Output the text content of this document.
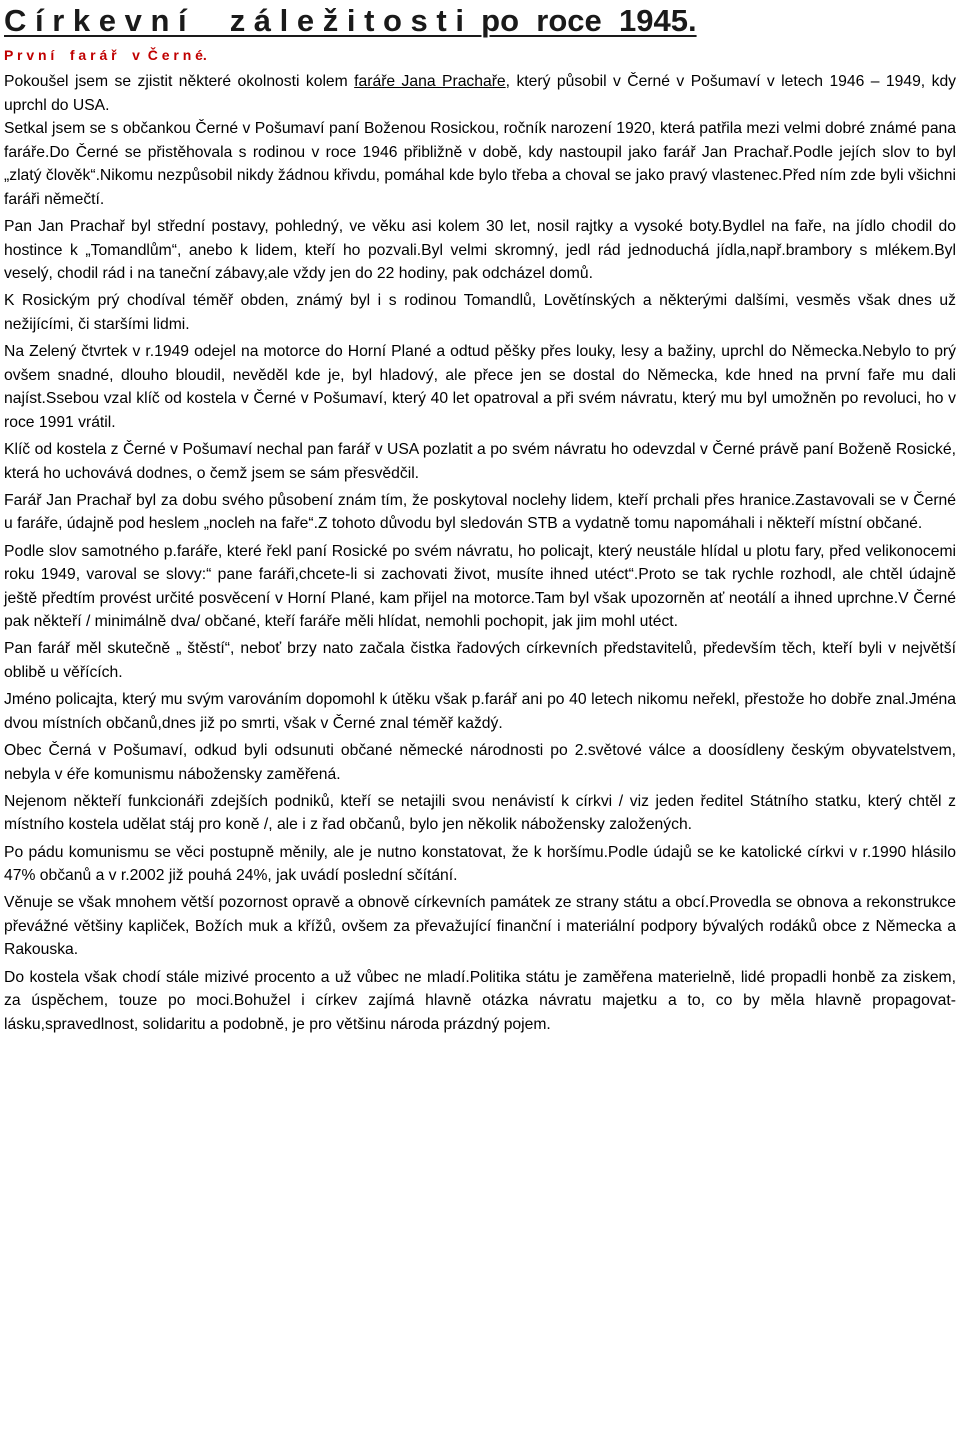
C í r k e v n í     z á l e ž i t o s t i  po  roce  1945.
P r v n í    f a r á ř    v  Č e r n é.

Pokoušel jsem se zjistit některé okolnosti kolem faráře Jana Prachaře, který působil v Černé v Pošumaví v letech 1946 – 1949, kdy uprchl do USA.

Setkal jsem se s občankou Černé v Pošumaví paní Boženou Rosickou, ročník narození 1920, která patřila mezi velmi dobré známé pana faráře.Do Černé se přistěhovala s rodinou v roce 1946 přibližně v době, kdy nastoupil jako farář Jan Prachař.Podle jejích slov to byl „zlatý člověk“.Nikomu nezpůsobil nikdy žádnou křivdu, pomáhal kde bylo třeba a choval se jako pravý vlastenec.Před ním zde byli všichni faráři němečtí.

Pan Jan Prachař byl střední postavy, pohledný, ve věku asi kolem 30 let, nosil rajtky a vysoké boty.Bydlel na faře, na jídlo chodil do hostince k „Tomandlům“, anebo k lidem, kteří ho pozvali.Byl velmi skromný, jedl rád jednoduchá jídla,např.brambory s mlékem.Byl veselý, chodil rád i na taneční zábavy,ale vždy jen do 22 hodiny, pak odcházel domů.

K Rosickým prý chodíval téměř obden, známý byl i s rodinou Tomandlů, Lovětínských a některými dalšími, vesměs však dnes už nežijícími, či staršími lidmi.

Na Zelený čtvrtek v r.1949 odejel na motorce do Horní Plané a odtud pěšky přes louky, lesy a bažiny, uprchl do Německa.Nebylo to prý ovšem snadné, dlouho bloudil, nevěděl kde je, byl hladový, ale přece jen se dostal do Německa, kde hned na první faře mu dali najíst.Ssebou vzal klíč od kostela v Černé v Pošumaví, který 40 let opatroval a při svém návratu, který mu byl umožněn po revoluci, ho v roce 1991 vrátil.

Klíč od kostela z Černé v Pošumaví nechal pan farář v USA pozlatit a po svém návratu ho odevzdal v Černé právě paní Boženě Rosické, která ho uchovává dodnes, o čemž jsem se sám přesvědčil.

Farář Jan Prachař byl za dobu svého působení znám tím, že poskytoval noclehy lidem, kteří prchali přes hranice.Zastavovali se v Černé u faráře, údajně pod heslem „nocleh na faře“.Z tohoto důvodu byl sledován STB a vydatně tomu napomáhali i někteří místní občané.

Podle slov samotného p.faráře, které řekl paní Rosické po svém návratu, ho policajt, který neustále hlídal u plotu fary, před velikonocemi roku 1949, varoval se slovy:“ pane faráři,chcete-li si zachovati život, musíte ihned utéct“.Proto se tak rychle rozhodl, ale chtěl údajně ještě předtím provést určité posvěcení v Horní Plané, kam přijel na motorce.Tam byl však upozorněn ať neotálí a ihned uprchne.V Černé pak někteří / minimálně dva/ občané, kteří faráře měli hlídat, nemohli pochopit, jak jim mohl utéct.

Pan farář měl skutečně „ štěstí“, neboť brzy nato začala čistka řadových církevních představitelů, především těch, kteří byli v největší oblibě u věřících.

Jméno policajta, který mu svým varováním dopomohl k útěku však p.farář ani po 40 letech nikomu neřekl, přestože ho dobře znal.Jména dvou místních občanů,dnes již po smrti, však v Černé znal téměř každý.

Obec Černá v Pošumaví, odkud byli odsunuti občané německé národnosti po 2.světové válce a doosídleny českým obyvatelstvem, nebyla v éře komunismu nábožensky zaměřená.

Nejenom někteří funkcionáři zdejších podniků, kteří se netajili svou nenávistí k církvi / viz jeden ředitel Státního statku, který chtěl z místního kostela udělat stáj pro koně /, ale i z řad občanů, bylo jen několik nábožensky založených.

Po pádu komunismu se věci postupně měnily, ale je nutno konstatovat, že k horšímu.Podle údajů se ke katolické církvi v r.1990 hlásilo 47% občanů a v r.2002 již pouhá 24%, jak uvádí poslední sčítání.

Věnuje se však mnohem větší pozornost opravě a obnově církevních památek ze strany státu a obcí.Provedla se obnova a rekonstrukce převážné většiny kapliček, Božích muk a křížů, ovšem za převažující finanční i materiální podpory bývalých rodáků obce z Německa a Rakouska.

Do kostela však chodí stále mizivé procento a už vůbec ne mladí.Politika státu je zaměřena materielně, lidé propadli honbě za ziskem, za úspěchem, touze po moci.Bohužel i církev zajímá hlavně otázka návratu majetku a to, co by měla hlavně propagovat- lásku,spravedlnost, solidaritu a podobně, je pro většinu národa prázdný pojem.
